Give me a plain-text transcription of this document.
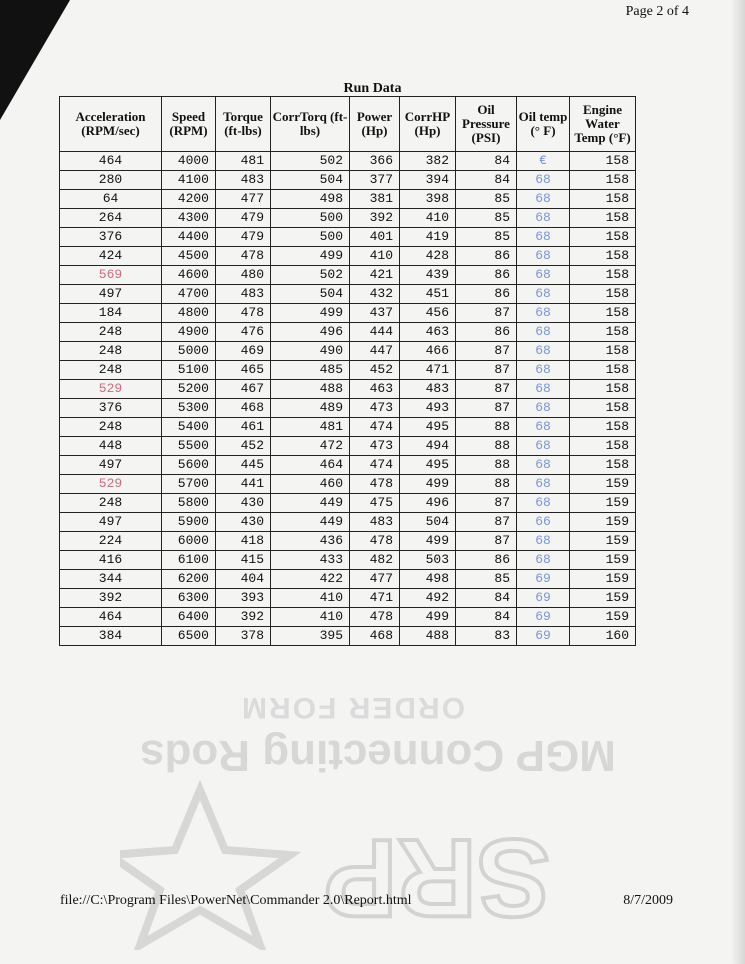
Page 2 of 4
ORDER FORM
MGP Connecting Rods
SRP
Run Data
Acceleration (RPM/sec)	Speed (RPM)	Torque (ft-lbs)	CorrTorq (ft-lbs)	Power (Hp)	CorrHP (Hp)	Oil Pressure (PSI)	Oil temp (° F)	Engine Water Temp (°F)
464	4000	481	502	366	382	84	€	158
280	4100	483	504	377	394	84	68	158
64	4200	477	498	381	398	85	68	158
264	4300	479	500	392	410	85	68	158
376	4400	479	500	401	419	85	68	158
424	4500	478	499	410	428	86	68	158
569	4600	480	502	421	439	86	68	158
497	4700	483	504	432	451	86	68	158
184	4800	478	499	437	456	87	68	158
248	4900	476	496	444	463	86	68	158
248	5000	469	490	447	466	87	68	158
248	5100	465	485	452	471	87	68	158
529	5200	467	488	463	483	87	68	158
376	5300	468	489	473	493	87	68	158
248	5400	461	481	474	495	88	68	158
448	5500	452	472	473	494	88	68	158
497	5600	445	464	474	495	88	68	158
529	5700	441	460	478	499	88	68	159
248	5800	430	449	475	496	87	68	159
497	5900	430	449	483	504	87	66	159
224	6000	418	436	478	499	87	68	159
416	6100	415	433	482	503	86	68	159
344	6200	404	422	477	498	85	69	159
392	6300	393	410	471	492	84	69	159
464	6400	392	410	478	499	84	69	159
384	6500	378	395	468	488	83	69	160
file://C:\Program Files\PowerNet\Commander 2.0\Report.html	8/7/2009
